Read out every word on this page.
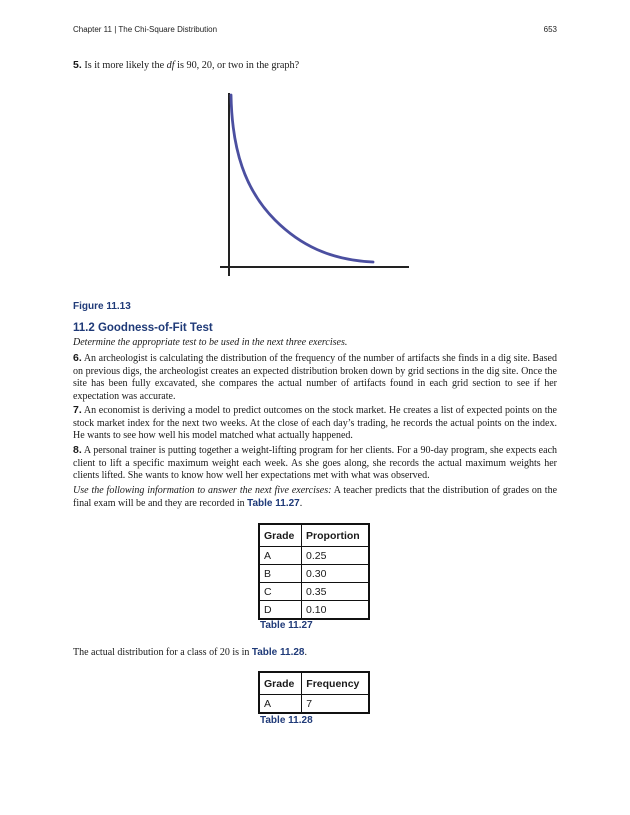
Chapter 11 | The Chi-Square Distribution	653
5. Is it more likely the df is 90, 20, or two in the graph?
Figure 11.13
11.2 Goodness-of-Fit Test
Determine the appropriate test to be used in the next three exercises.
6. An archeologist is calculating the distribution of the frequency of the number of artifacts she finds in a dig site. Based on previous digs, the archeologist creates an expected distribution broken down by grid sections in the dig site. Once the site has been fully excavated, she compares the actual number of artifacts found in each grid section to see if her expectation was accurate.
7. An economist is deriving a model to predict outcomes on the stock market. He creates a list of expected points on the stock market index for the next two weeks. At the close of each day’s trading, he records the actual points on the index. He wants to see how well his model matched what actually happened.
8. A personal trainer is putting together a weight-lifting program for her clients. For a 90-day program, she expects each client to lift a specific maximum weight each week. As she goes along, she records the actual maximum weights her clients lifted. She wants to know how well her expectations met with what was observed.
Use the following information to answer the next five exercises: A teacher predicts that the distribution of grades on the final exam will be and they are recorded in Table 11.27.
Grade	Proportion
A	0.25
B	0.30
C	0.35
D	0.10
Table 11.27
The actual distribution for a class of 20 is in Table 11.28.
Grade	Frequency
A	7
Table 11.28
